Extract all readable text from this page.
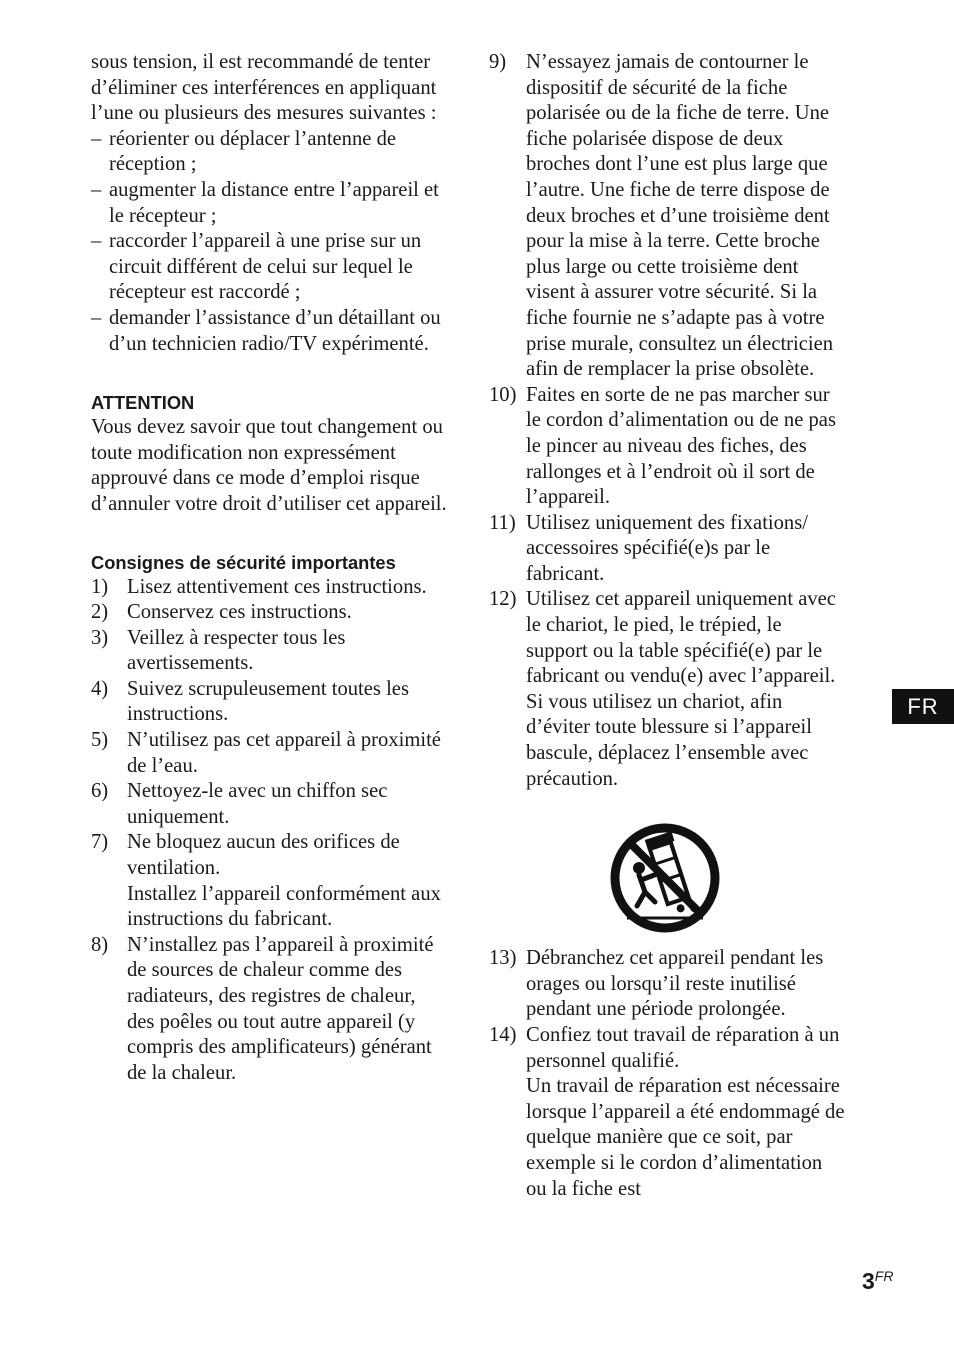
sous tension, il est recommandé de tenter d’éliminer ces interférences en appliquant l’une ou plusieurs des mesures suivantes :

– réorienter ou déplacer l’antenne de réception ;
– augmenter la distance entre l’appareil et le récepteur ;
– raccorder l’appareil à une prise sur un circuit différent de celui sur lequel le récepteur est raccordé ;
– demander l’assistance d’un détaillant ou d’un technicien radio/TV expérimenté.
ATTENTION

Vous devez savoir que tout changement ou toute modification non expressément approuvé dans ce mode d’emploi risque d’annuler votre droit d’utiliser cet appareil.

Consignes de sécurité importantes
1) Lisez attentivement ces instructions.
2) Conservez ces instructions.
3) Veillez à respecter tous les avertissements.
4) Suivez scrupuleusement toutes les instructions.
5) N’utilisez pas cet appareil à proximité de l’eau.
6) Nettoyez-le avec un chiffon sec uniquement.
7) Ne bloquez aucun des orifices de ventilation.

Installez l’appareil conformément aux instructions du fabricant.

8) N’installez pas l’appareil à proximité de sources de chaleur comme des radiateurs, des registres de chaleur, des poêles ou tout autre appareil (y compris des amplificateurs) générant de la chaleur.
9) N’essayez jamais de contourner le dispositif de sécurité de la fiche polarisée ou de la fiche de terre. Une fiche polarisée dispose de deux broches dont l’une est plus large que l’autre. Une fiche de terre dispose de deux broches et d’une troisième dent pour la mise à la terre. Cette broche plus large ou cette troisième dent visent à assurer votre sécurité. Si la fiche fournie ne s’adapte pas à votre prise murale, consultez un électricien afin de remplacer la prise obsolète.
10) Faites en sorte de ne pas marcher sur le cordon d’alimentation ou de ne pas le pincer au niveau des fiches, des rallonges et à l’endroit où il sort de l’appareil.
11) Utilisez uniquement des fixations/ accessoires spécifié(e)s par le fabricant.
12) Utilisez cet appareil uniquement avec le chariot, le pied, le trépied, le support ou la table spécifié(e) par le fabricant ou vendu(e) avec l’appareil. Si vous utilisez un chariot, afin d’éviter toute blessure si l’appareil bascule, déplacez l’ensemble avec précaution.
13) Débranchez cet appareil pendant les orages ou lorsqu’il reste inutilisé pendant une période prolongée.
14) Confiez tout travail de réparation à un personnel qualifié.

Un travail de réparation est nécessaire lorsque l’appareil a été endommagé de quelque manière que ce soit, par exemple si le cordon d’alimentation ou la fiche est

FR
3FR
